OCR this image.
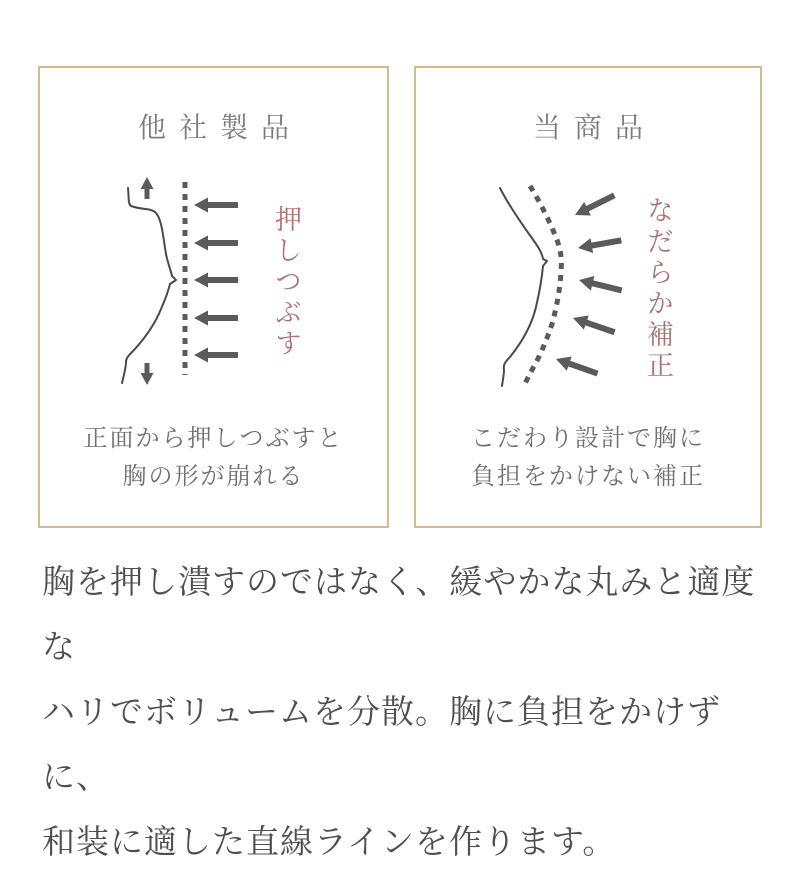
他社製品
押しつぶす
正面から押しつぶすと
胸の形が崩れる
当商品
なだらか補正
こだわり設計で胸に
負担をかけない補正
胸を押し潰すのではなく、緩やかな丸みと適度な
ハリでボリュームを分散。胸に負担をかけずに、
和装に適した直線ラインを作ります。
